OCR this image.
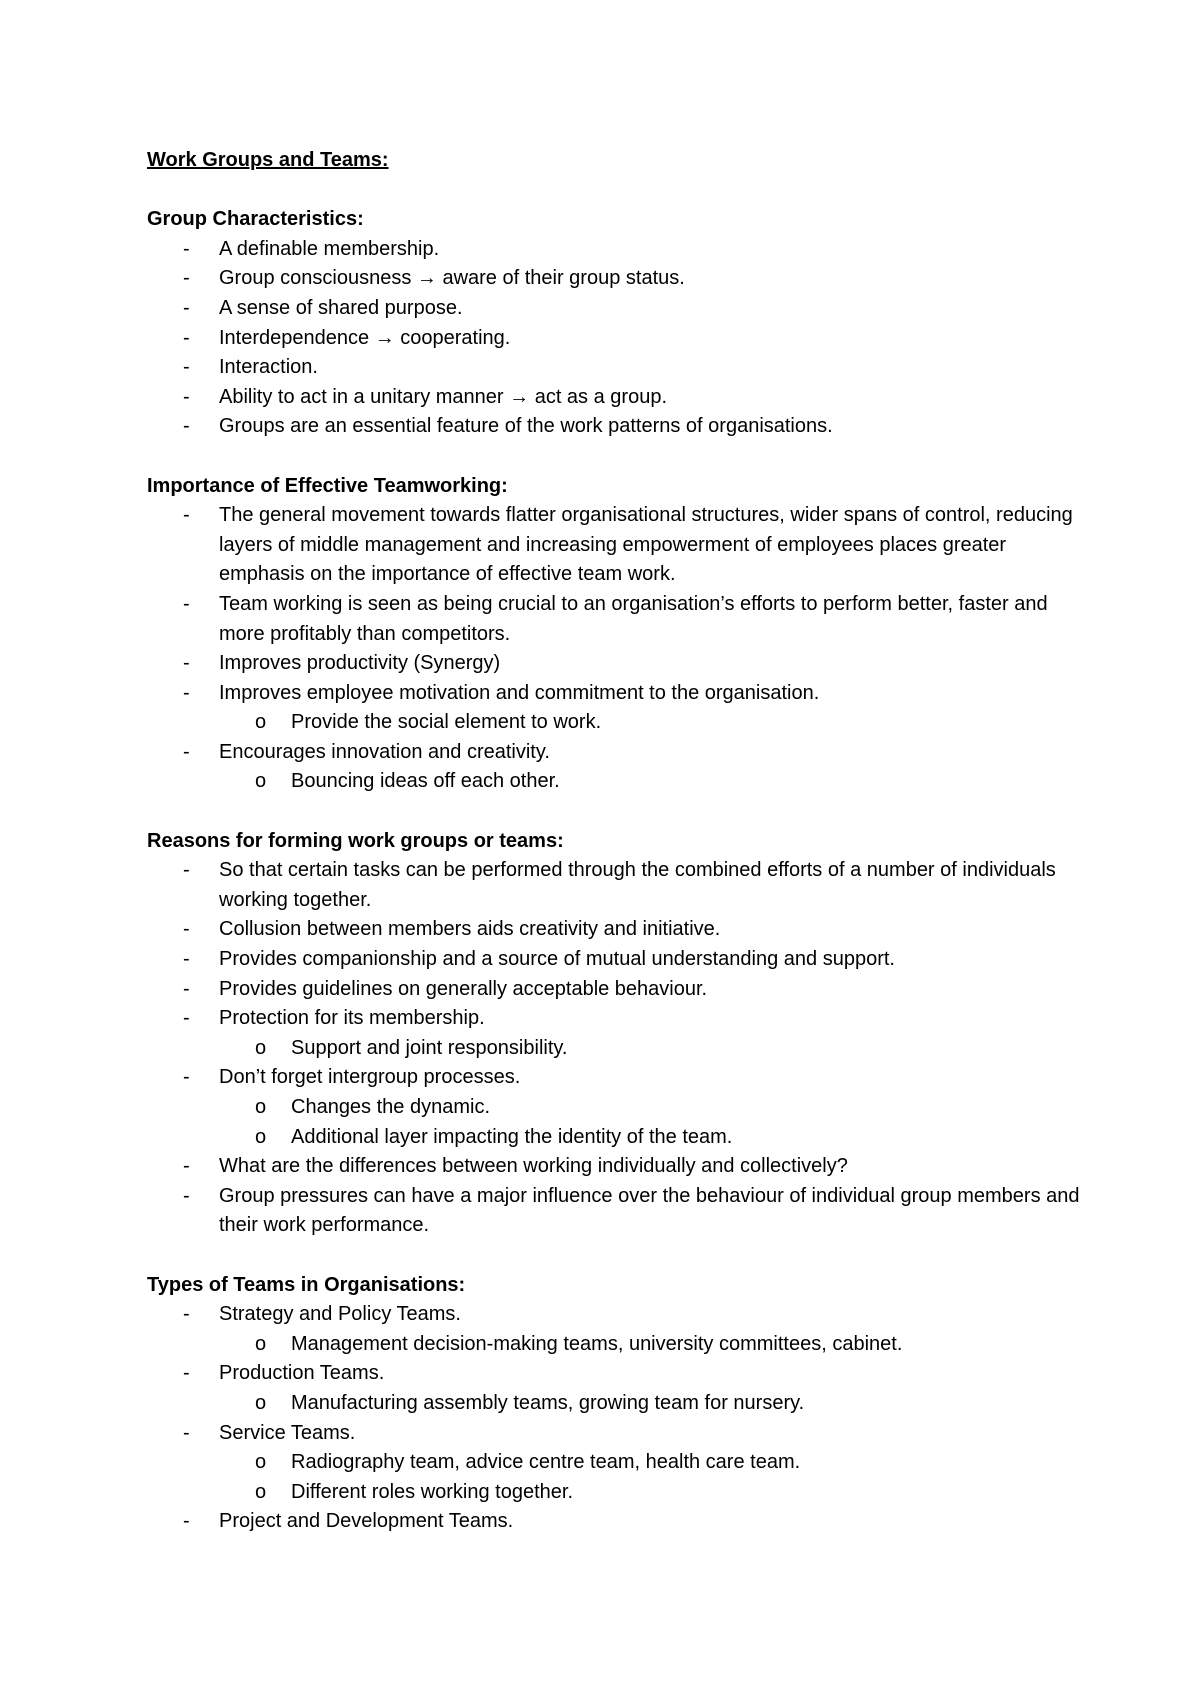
Work Groups and Teams:

Group Characteristics:

- A definable membership.
- Group consciousness → aware of their group status.
- A sense of shared purpose.
- Interdependence → cooperating.
- Interaction.
- Ability to act in a unitary manner → act as a group.
- Groups are an essential feature of the work patterns of organisations.

Importance of Effective Teamworking:

- The general movement towards flatter organisational structures, wider spans of control, reducing layers of middle management and increasing empowerment of employees places greater emphasis on the importance of effective team work.
- Team working is seen as being crucial to an organisation’s efforts to perform better, faster and more profitably than competitors.
- Improves productivity (Synergy)
- Improves employee motivation and commitment to the organisation.
o Provide the social element to work.
- Encourages innovation and creativity.
o Bouncing ideas off each other.

Reasons for forming work groups or teams:

- So that certain tasks can be performed through the combined efforts of a number of individuals working together.
- Collusion between members aids creativity and initiative.
- Provides companionship and a source of mutual understanding and support.
- Provides guidelines on generally acceptable behaviour.
- Protection for its membership.
o Support and joint responsibility.
- Don’t forget intergroup processes.
o Changes the dynamic.
o Additional layer impacting the identity of the team.
- What are the differences between working individually and collectively?
- Group pressures can have a major influence over the behaviour of individual group members and their work performance.

Types of Teams in Organisations:

- Strategy and Policy Teams.
o Management decision-making teams, university committees, cabinet.
- Production Teams.
o Manufacturing assembly teams, growing team for nursery.
- Service Teams.
o Radiography team, advice centre team, health care team.
o Different roles working together.
- Project and Development Teams.
